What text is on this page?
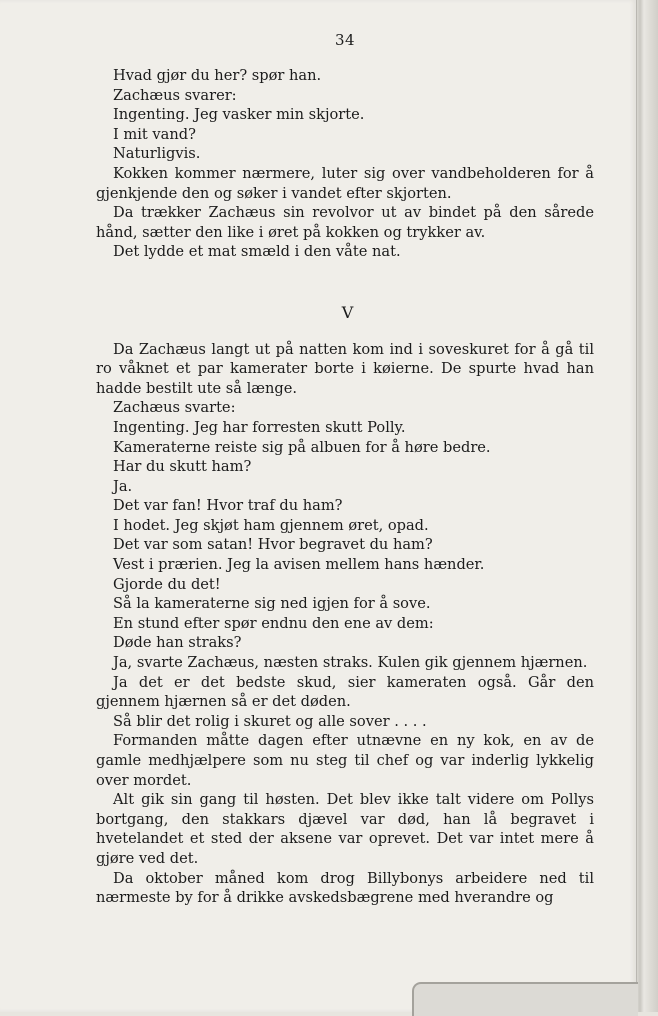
34

Hvad gjør du her? spør han.

Zachæus svarer:

Ingenting. Jeg vasker min skjorte.

I mit vand?

Naturligvis.

Kokken kommer nærmere, luter sig over vandbeholderen for å gjenkjende den og søker i vandet efter skjorten.

Da trækker Zachæus sin revolvor ut av bindet på den sårede hånd, sætter den like i øret på kokken og trykker av.

Det lydde et mat smæld i den våte nat.

V

Da Zachæus langt ut på natten kom ind i soveskuret for å gå til ro våknet et par kamerater borte i køierne. De spurte hvad han hadde bestilt ute så længe.

Zachæus svarte:

Ingenting. Jeg har forresten skutt Polly.

Kameraterne reiste sig på albuen for å høre bedre.

Har du skutt ham?

Ja.

Det var fan! Hvor traf du ham?

I hodet. Jeg skjøt ham gjennem øret, opad.

Det var som satan! Hvor begravet du ham?

Vest i prærien. Jeg la avisen mellem hans hænder.

Gjorde du det!

Så la kameraterne sig ned igjen for å sove.

En stund efter spør endnu den ene av dem:

Døde han straks?

Ja, svarte Zachæus, næsten straks. Kulen gik gjennem hjærnen.

Ja det er det bedste skud, sier kameraten også. Går den gjennem hjærnen så er det døden.

Så blir det rolig i skuret og alle sover . . . .

Formanden måtte dagen efter utnævne en ny kok, en av de gamle medhjælpere som nu steg til chef og var inderlig lykkelig over mordet.

Alt gik sin gang til høsten. Det blev ikke talt videre om Pollys bortgang, den stakkars djævel var død, han lå begravet i hvetelandet et sted der aksene var oprevet. Det var intet mere å gjøre ved det.

Da oktober måned kom drog Billybonys arbeidere ned til nærmeste by for å drikke avskedsbægrene med hverandre og
